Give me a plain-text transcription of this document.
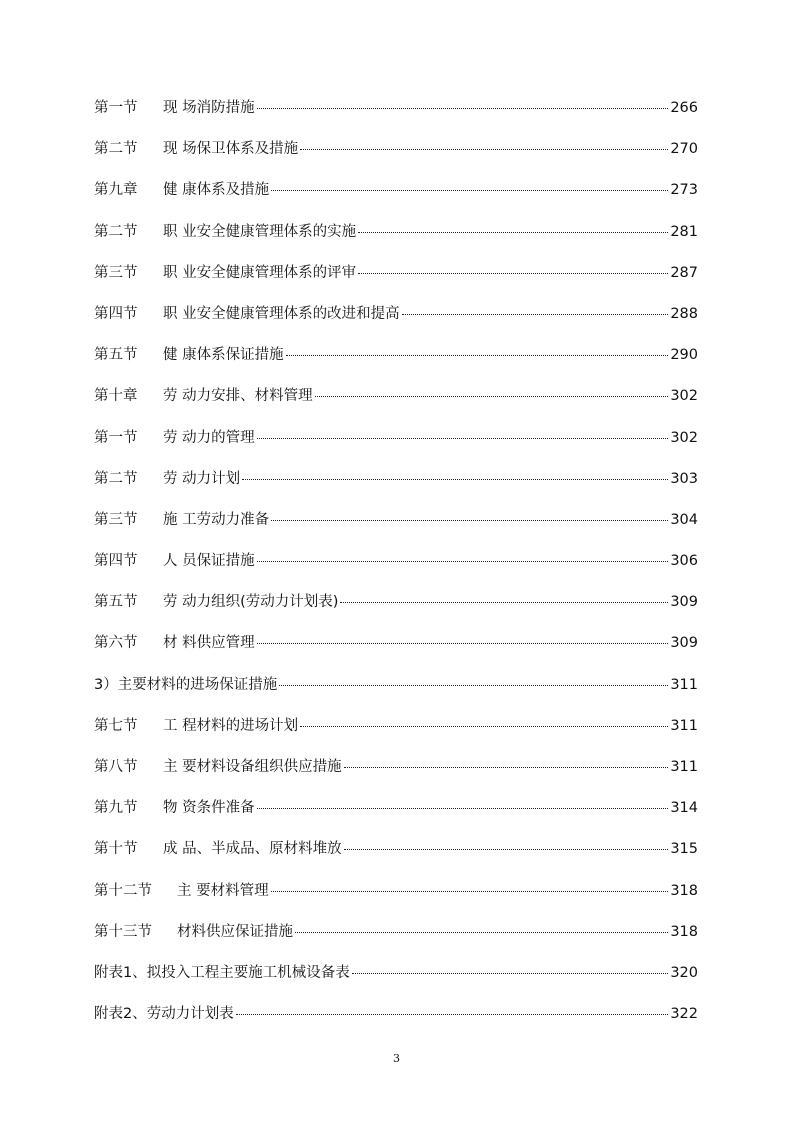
第一节	现 场消防措施	266
第二节	现 场保卫体系及措施	270
第九章	健 康体系及措施	273
第二节	职 业安全健康管理体系的实施	281
第三节	职 业安全健康管理体系的评审	287
第四节	职 业安全健康管理体系的改进和提高	288
第五节	健 康体系保证措施	290
第十章	劳 动力安排、材料管理	302
第一节	劳 动力的管理	302
第二节	劳 动力计划	303
第三节	施 工劳动力准备	304
第四节	人 员保证措施	306
第五节	劳 动力组织(劳动力计划表)	309
第六节	材 料供应管理	309
3）主要材料的进场保证措施	311
第七节	工 程材料的进场计划	311
第八节	主 要材料设备组织供应措施	311
第九节	物 资条件准备	314
第十节	成 品、半成品、原材料堆放	315
第十二节	主 要材料管理	318
第十三节	材料供应保证措施	318
附表1、拟投入工程主要施工机械设备表	320
附表2、劳动力计划表	322
3
